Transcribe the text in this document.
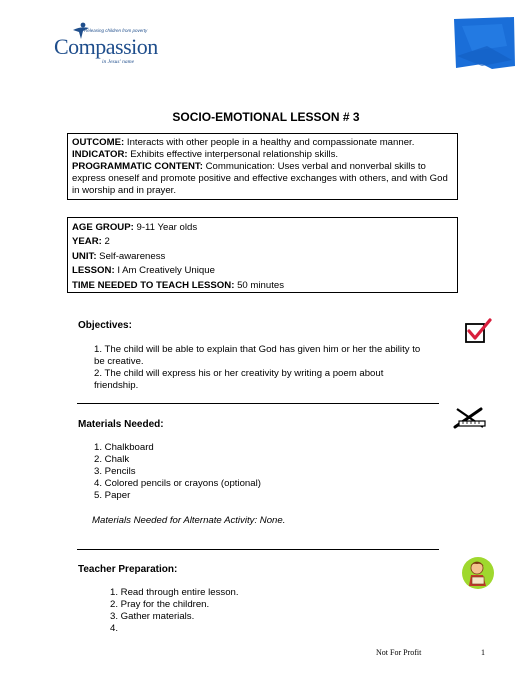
Releasing children from poverty
Compassion
in Jesus' name
SOCIO-EMOTIONAL LESSON # 3

OUTCOME: Interacts with other people in a healthy and compassionate manner.

INDICATOR: Exhibits effective interpersonal relationship skills.

PROGRAMMATIC CONTENT: Communication: Uses verbal and nonverbal skills to express oneself and promote positive and effective exchanges with others, and with God in worship and in prayer.

AGE GROUP: 9-11 Year olds

YEAR: 2

UNIT: Self-awareness

LESSON: I Am Creatively Unique

TIME NEEDED TO TEACH LESSON: 50 minutes

Objectives:
1. The child will be able to explain that God has given him or her the ability to be creative.
2. The child will express his or her creativity by writing a poem about friendship.
Materials Needed:
1. Chalkboard
2. Chalk
3. Pencils
4. Colored pencils or crayons (optional)
5. Paper
Materials Needed for Alternate Activity: None.
Teacher Preparation:
1. Read through entire lesson.
2. Pray for the children.
3. Gather materials.
4.
Not For Profit	1
